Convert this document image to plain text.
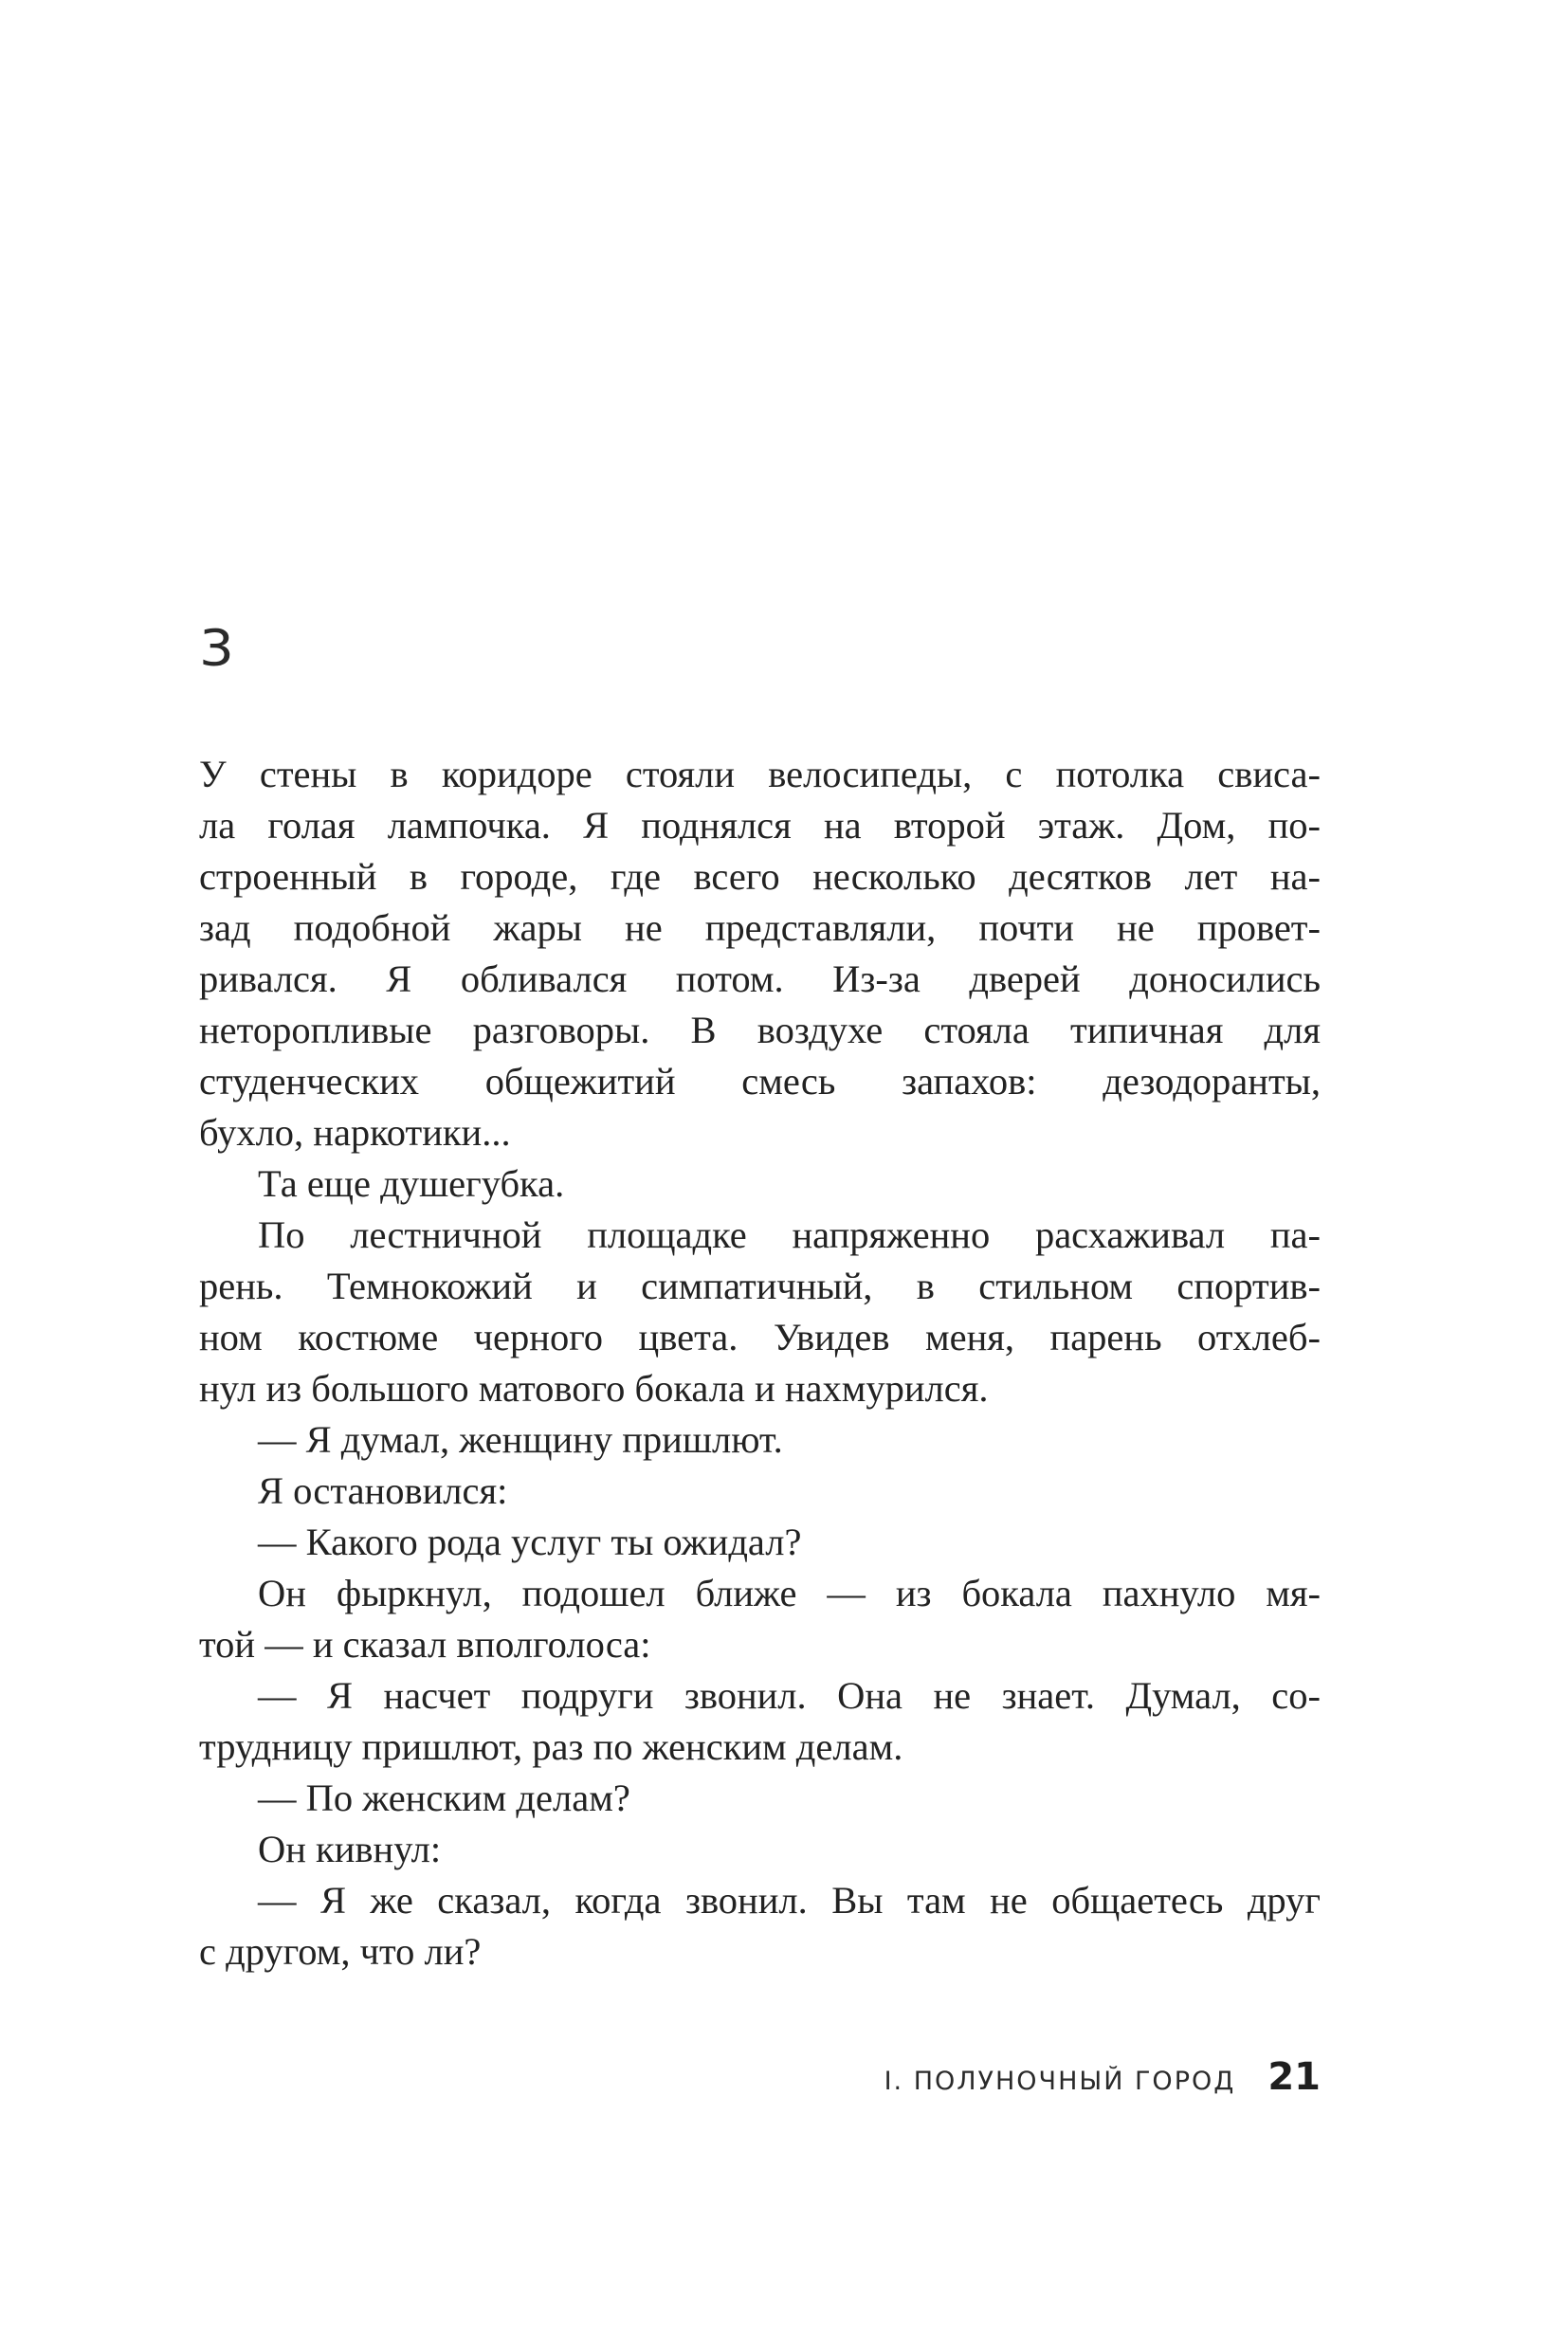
3
У стены в коридоре стояли велосипеды, с потолка свиса-
ла голая лампочка. Я поднялся на второй этаж. Дом, по-
строенный в городе, где всего несколько десятков лет на-
зад подобной жары не представляли, почти не провет-
ривался. Я обливался потом. Из-за дверей доносились
неторопливые разговоры. В воздухе стояла типичная для
студенческих общежитий смесь запахов: дезодоранты,
бухло, наркотики...
Та еще душегубка.
По лестничной площадке напряженно расхаживал па-
рень. Темнокожий и симпатичный, в стильном спортив-
ном костюме черного цвета. Увидев меня, парень отхлеб-
нул из большого матового бокала и нахмурился.
— Я думал, женщину пришлют.
Я остановился:
— Какого рода услуг ты ожидал?
Он фыркнул, подошел ближе — из бокала пахнуло мя-
той — и сказал вполголоса:
— Я насчет подруги звонил. Она не знает. Думал, со-
трудницу пришлют, раз по женским делам.
— По женским делам?
Он кивнул:
— Я же сказал, когда звонил. Вы там не общаетесь друг
с другом, что ли?
I. ПОЛУНОЧНЫЙ ГОРОД 21
